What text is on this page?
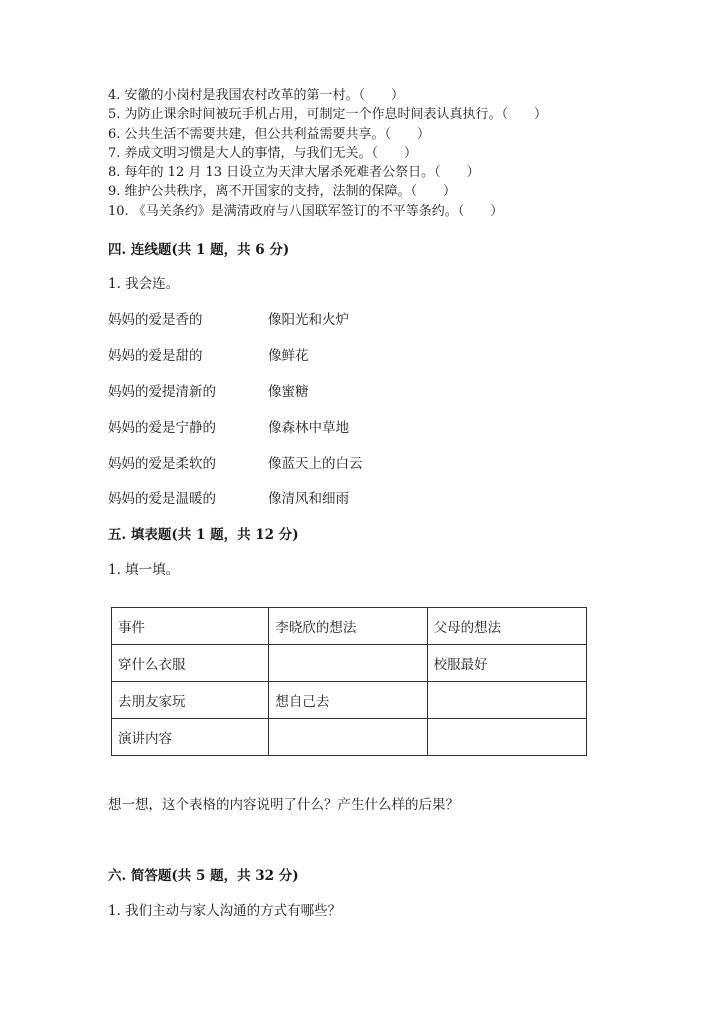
4. 安徽的小岗村是我国农村改革的第一村。（　　）
5. 为防止课余时间被玩手机占用，可制定一个作息时间表认真执行。（　　）
6. 公共生活不需要共建，但公共利益需要共享。（　　）
7. 养成文明习惯是大人的事情，与我们无关。（　　）
8. 每年的 12 月 13 日设立为天津大屠杀死难者公祭日。（　　）
9. 维护公共秩序，离不开国家的支持，法制的保障。（　　）
10. 《马关条约》是满清政府与八国联军签订的不平等条约。（　　）
四. 连线题(共 1 题，共 6 分)
1. 我会连。
妈妈的爱是香的	像阳光和火炉
妈妈的爱是甜的	像鲜花
妈妈的爱提清新的	像蜜糖
妈妈的爱是宁静的	像森林中草地
妈妈的爱是柔软的	像蓝天上的白云
妈妈的爱是温暖的	像清风和细雨
五. 填表题(共 1 题，共 12 分)
1. 填一填。
事件	李晓欣的想法	父母的想法
穿什么衣服		校服最好
去朋友家玩	想自己去	
演讲内容		
想一想，这个表格的内容说明了什么？产生什么样的后果？
六. 简答题(共 5 题，共 32 分)
1. 我们主动与家人沟通的方式有哪些？
